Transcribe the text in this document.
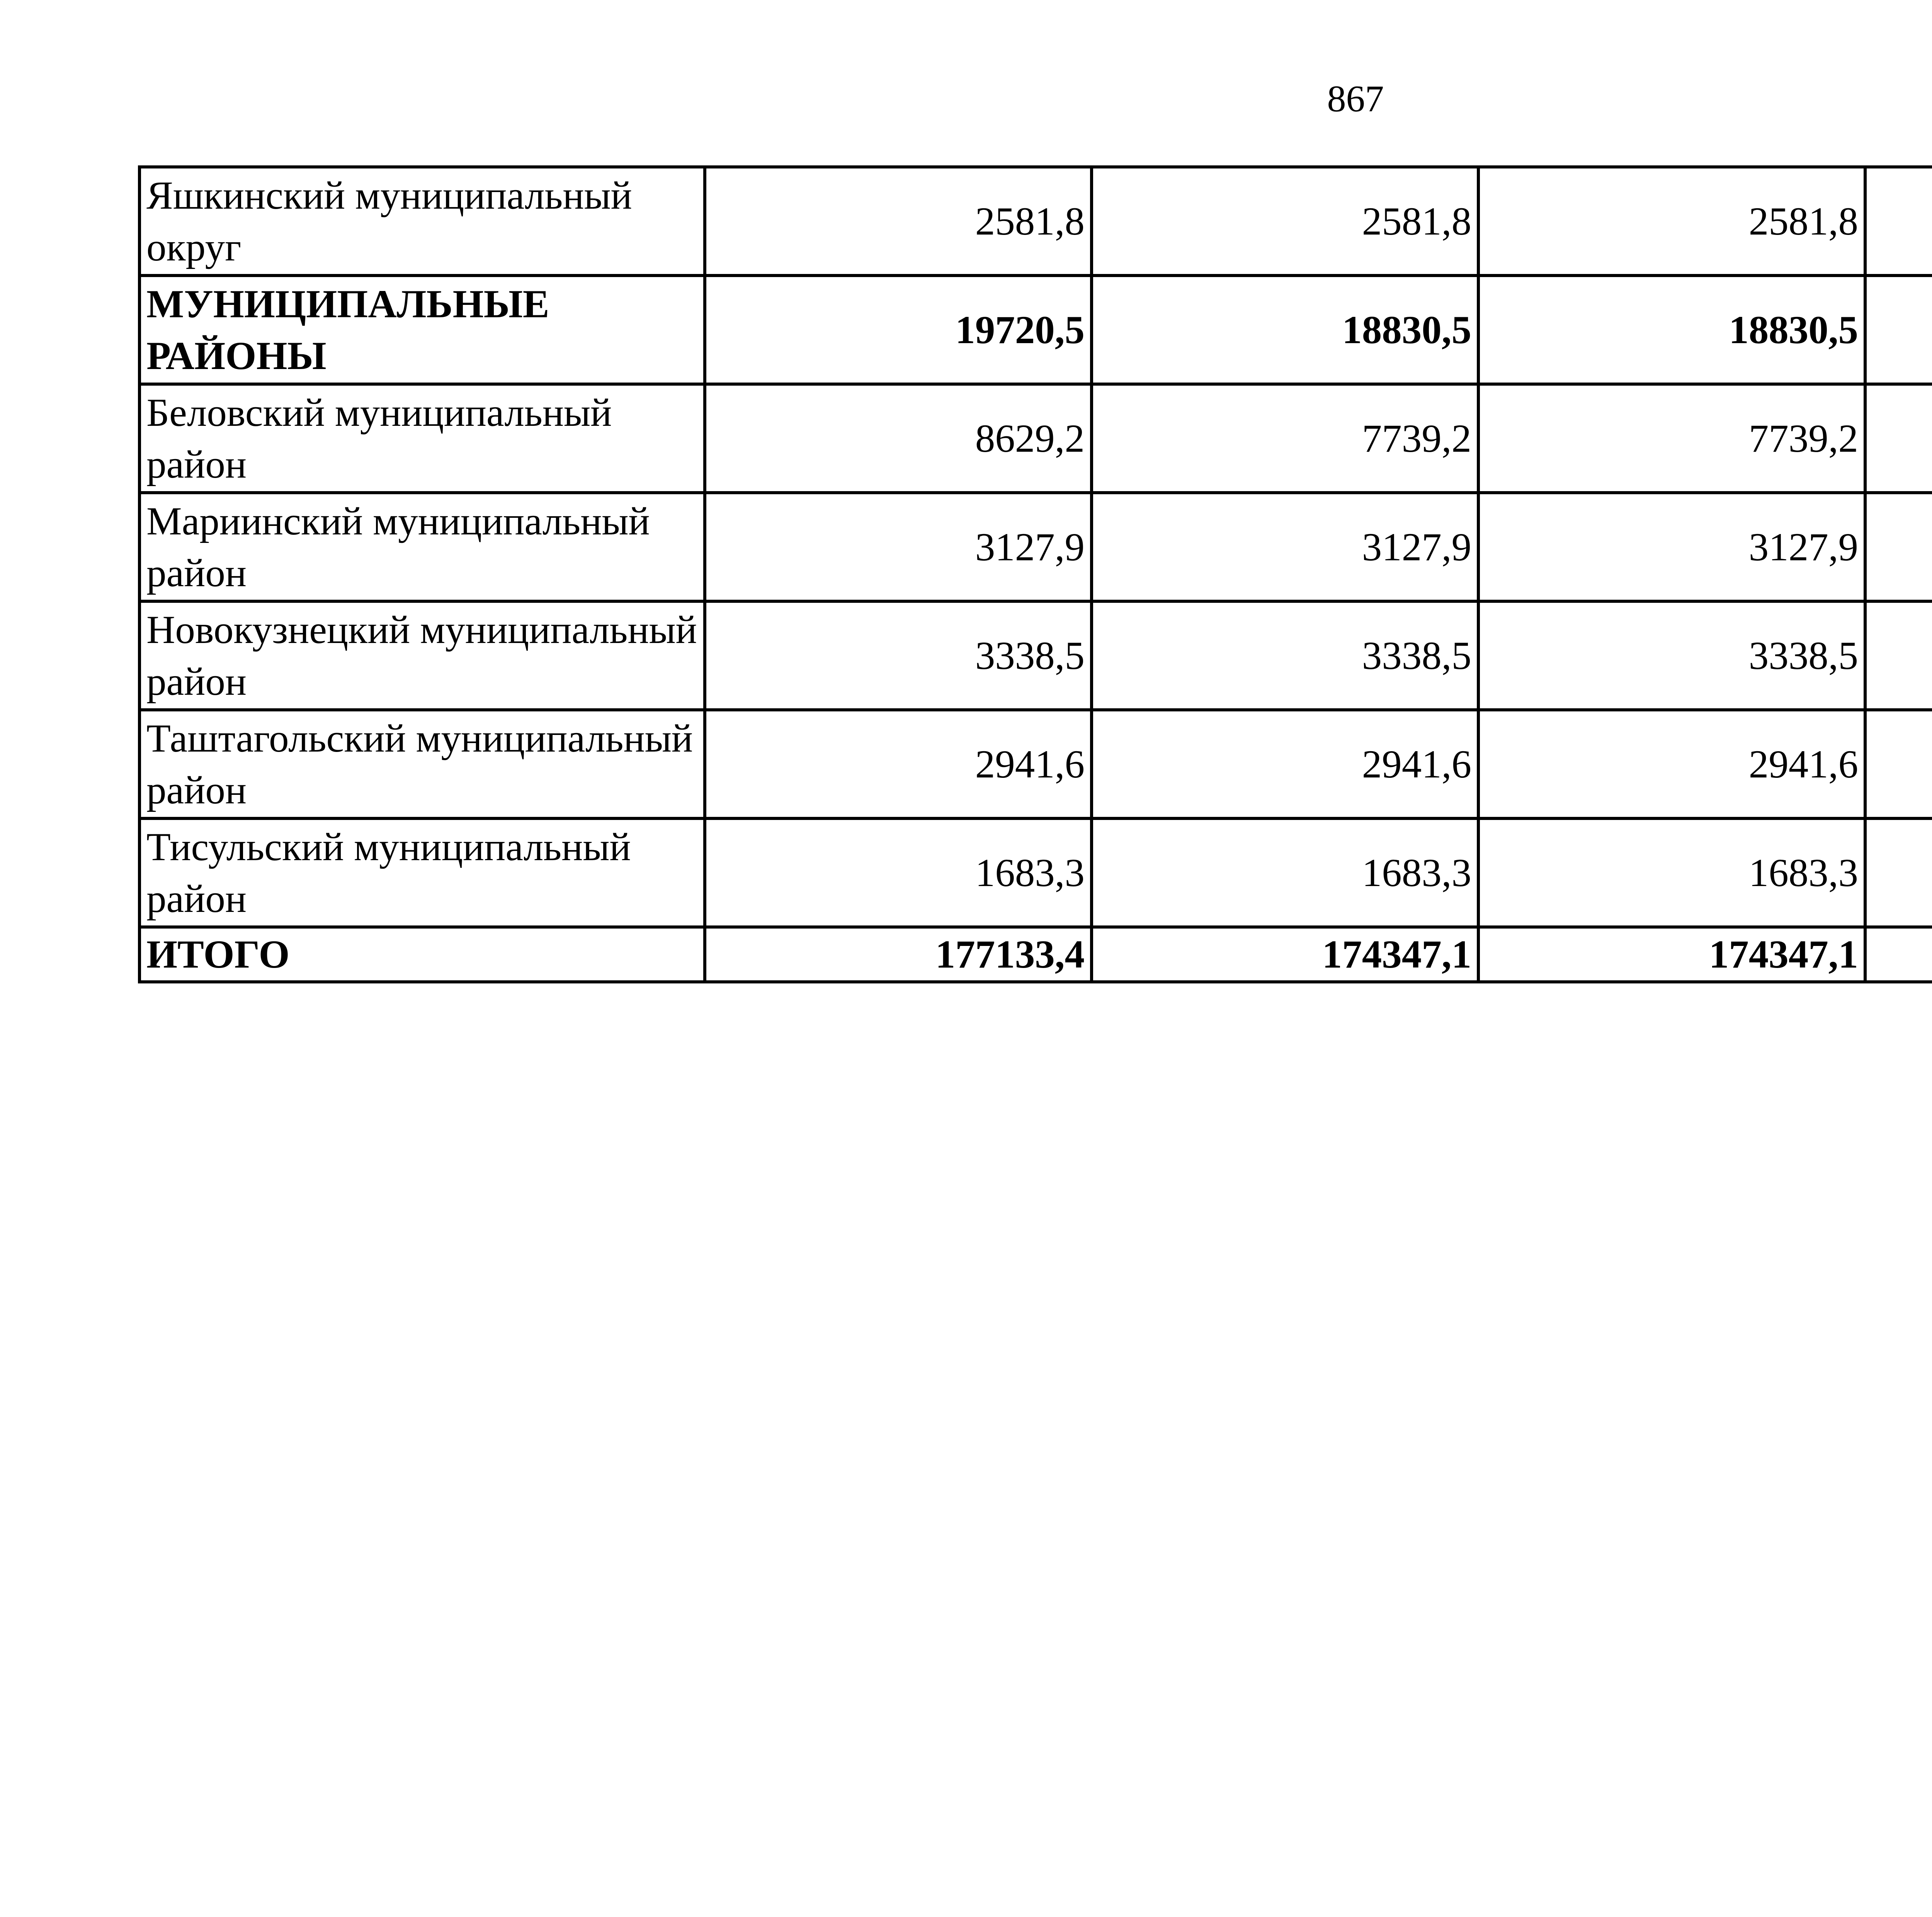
867
Яшкинский муниципальный округ	2581,8	2581,8	2581,8			
МУНИЦИПАЛЬНЫЕ РАЙОНЫ	19720,5	18830,5	18830,5			
Беловский муниципальный район	8629,2	7739,2	7739,2			
Мариинский муниципальный район	3127,9	3127,9	3127,9			
Новокузнецкий муниципальный район	3338,5	3338,5	3338,5			
Таштагольский муниципальный район	2941,6	2941,6	2941,6			
Тисульский муниципальный район	1683,3	1683,3	1683,3			
ИТОГО	177133,4	174347,1	174347,1			
